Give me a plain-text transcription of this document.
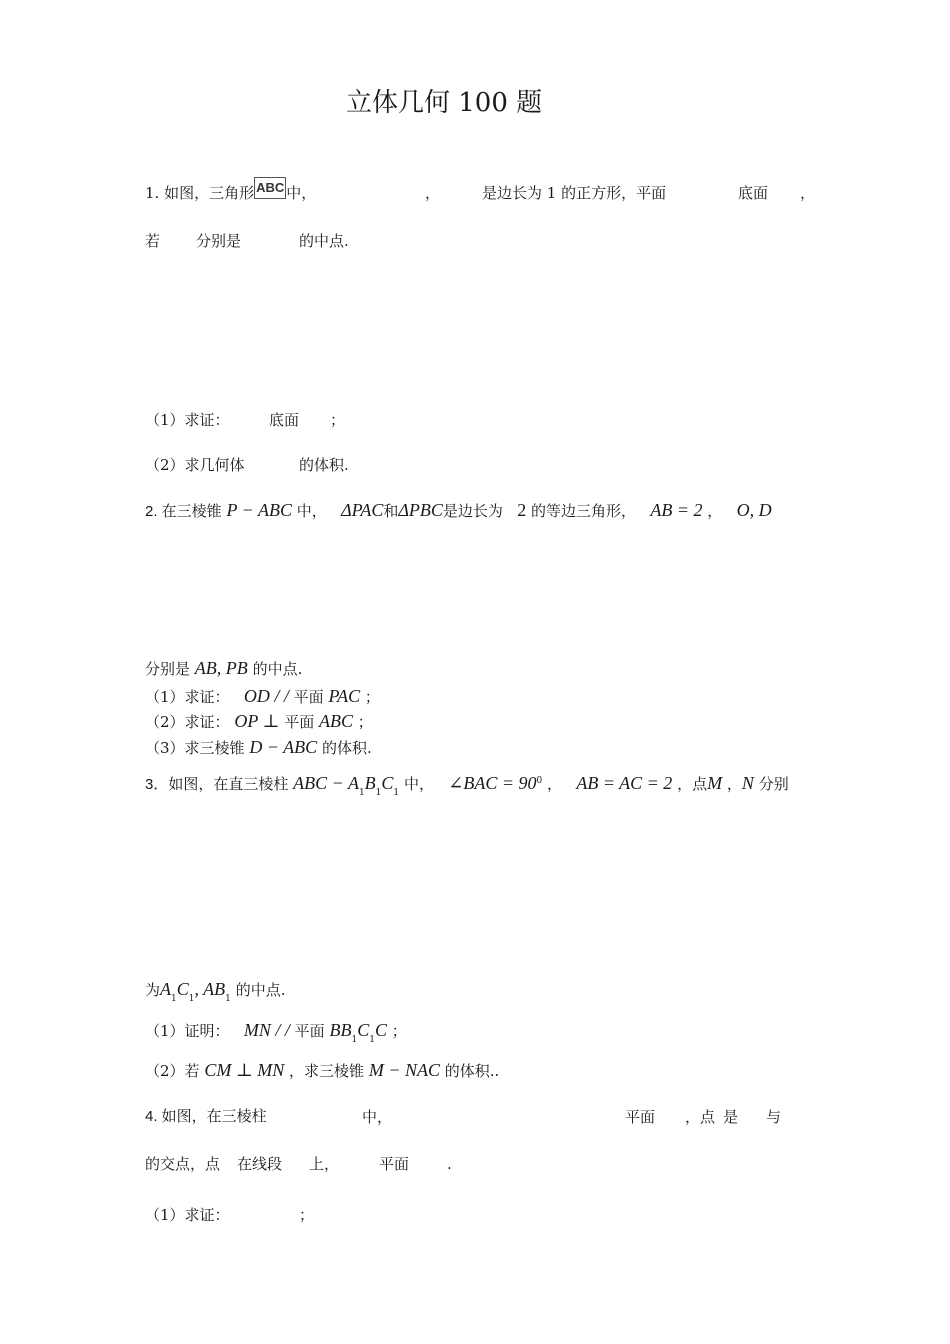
立体几何 100 题
1. 如图，三角形 ABC 中，	，	是边长为 1 的正方形，平面	底面 ，
若 分别是	的中点.
（1）求证：	底面 ；
（2）求几何体	的体积.
2. 在三棱锥 P − ABC 中， ΔPAC和ΔPBC是边长为 2 的等边三角形， AB = 2 ， O, D
分别是 AB, PB 的中点.
（1）求证： OD / / 平面 PAC ；
（2）求证： OP ⊥ 平面 ABC ；
（3）求三棱锥 D − ABC 的体积.
3．如图，在直三棱柱 ABC − $A_1B_1C_1$ 中， ∠BAC = $90^0$ ， AB = AC = 2 ，点M ，N 分别
为$A_1C_1$, $AB_1$ 的中点.
（1）证明： MN / / 平面 $BB_1C_1C$ ；
（2）若 CM ⊥ MN ，求三棱锥 M − NAC 的体积..
4. 如图，在三棱柱	中，	平面 ，点 是 与
的交点，点 在线段 上，	平面	.
（1）求证：	；
